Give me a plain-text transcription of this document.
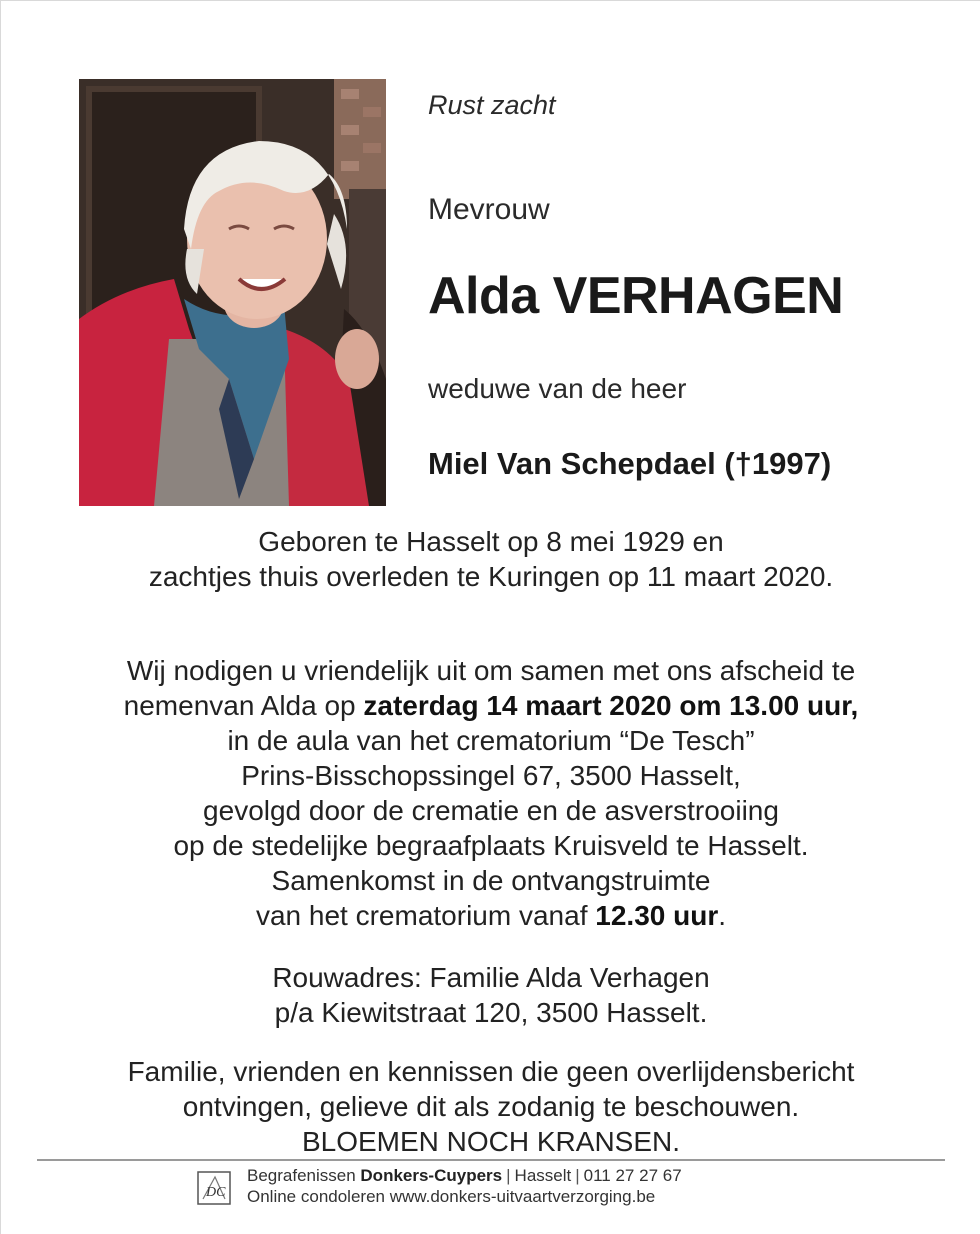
Rust zacht
Mevrouw
Alda VERHAGEN
weduwe van de heer
Miel Van Schepdael (†1997)
Geboren te Hasselt op 8 mei 1929 en
zachtjes thuis overleden te Kuringen op 11 maart 2020.
Wij nodigen u vriendelijk uit om samen met ons afscheid te
nemenvan Alda op zaterdag 14 maart 2020 om 13.00 uur,
in de aula van het crematorium “De Tesch”
Prins-Bisschopssingel 67, 3500 Hasselt,
gevolgd door de crematie en de asverstrooiing
op de stedelijke begraafplaats Kruisveld te Hasselt.
Samenkomst in de ontvangstruimte
van het crematorium vanaf 12.30 uur.
Rouwadres: Familie Alda Verhagen
p/a Kiewitstraat 120, 3500 Hasselt.
Familie, vrienden en kennissen die geen overlijdensbericht
ontvingen, gelieve dit als zodanig te beschouwen.
BLOEMEN NOCH KRANSEN.
DC
Begrafenissen Donkers-Cuypers | Hasselt | 011 27 27 67
Online condoleren www.donkers-uitvaartverzorging.be
